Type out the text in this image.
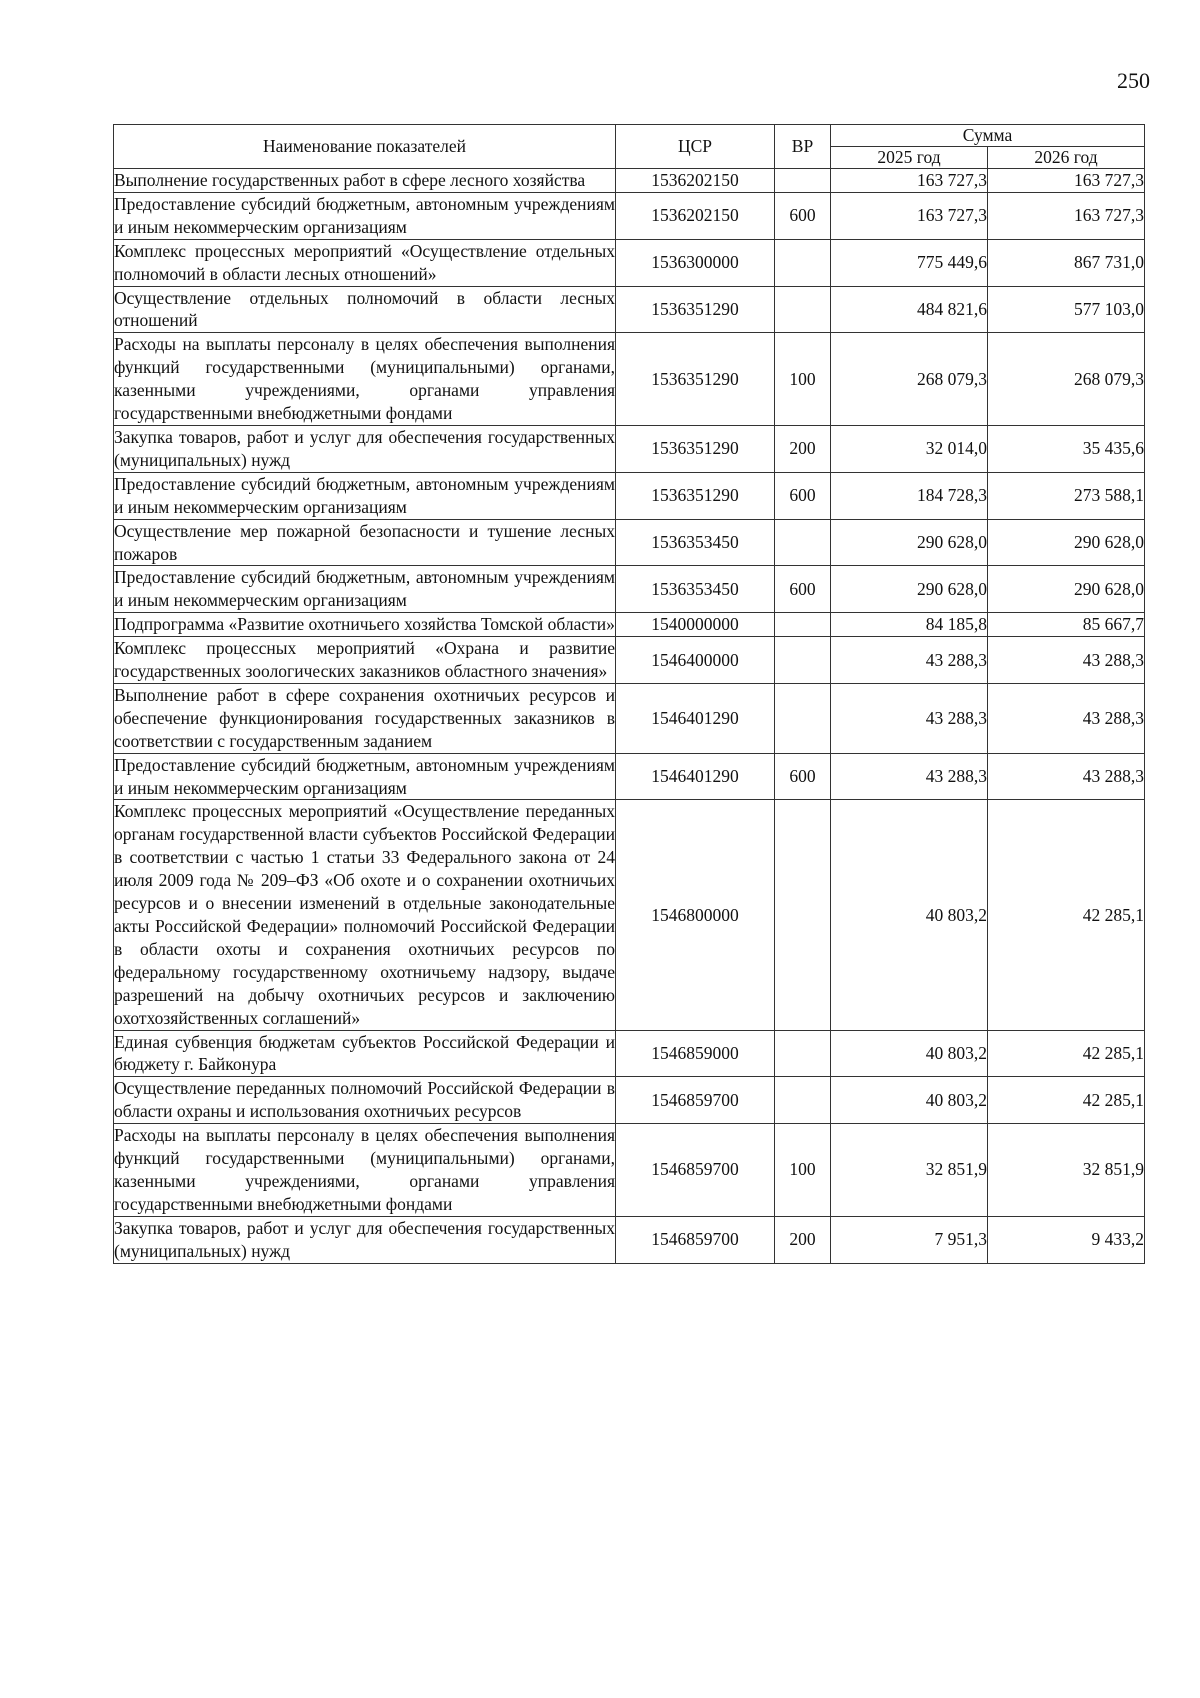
250
Наименование показателей	ЦСР	ВР	Сумма	
			2025 год	2026 год
Выполнение государственных работ в сфере лесного хозяйства	1536202150		163 727,3	163 727,3
Предоставление субсидий бюджетным, автономным учреждениям и иным некоммерческим организациям	1536202150	600	163 727,3	163 727,3
Комплекс процессных мероприятий «Осуществление отдельных полномочий в области лесных отношений»	1536300000		775 449,6	867 731,0
Осуществление отдельных полномочий в области лесных отношений	1536351290		484 821,6	577 103,0
Расходы на выплаты персоналу в целях обеспечения выполнения функций государственными (муниципальными) органами, казенными учреждениями, органами управления государственными внебюджетными фондами	1536351290	100	268 079,3	268 079,3
Закупка товаров, работ и услуг для обеспечения государственных (муниципальных) нужд	1536351290	200	32 014,0	35 435,6
Предоставление субсидий бюджетным, автономным учреждениям и иным некоммерческим организациям	1536351290	600	184 728,3	273 588,1
Осуществление мер пожарной безопасности и тушение лесных пожаров	1536353450		290 628,0	290 628,0
Предоставление субсидий бюджетным, автономным учреждениям и иным некоммерческим организациям	1536353450	600	290 628,0	290 628,0
Подпрограмма «Развитие охотничьего хозяйства Томской области»	1540000000		84 185,8	85 667,7
Комплекс процессных мероприятий «Охрана и развитие государственных зоологических заказников областного значения»	1546400000		43 288,3	43 288,3
Выполнение работ в сфере сохранения охотничьих ресурсов и обеспечение функционирования государственных заказников в соответствии с государственным заданием	1546401290		43 288,3	43 288,3
Предоставление субсидий бюджетным, автономным учреждениям и иным некоммерческим организациям	1546401290	600	43 288,3	43 288,3
Комплекс процессных мероприятий «Осуществление переданных органам государственной власти субъектов Российской Федерации в соответствии с частью 1 статьи 33 Федерального закона от 24 июля 2009 года № 209–ФЗ «Об охоте и о сохранении охотничьих ресурсов и о внесении изменений в отдельные законодательные акты Российской Федерации» полномочий Российской Федерации в области охоты и сохранения охотничьих ресурсов по федеральному государственному охотничьему надзору, выдаче разрешений на добычу охотничьих ресурсов и заключению охотхозяйственных соглашений»	1546800000		40 803,2	42 285,1
Единая субвенция бюджетам субъектов Российской Федерации и бюджету г. Байконура	1546859000		40 803,2	42 285,1
Осуществление переданных полномочий Российской Федерации в области охраны и использования охотничьих ресурсов	1546859700		40 803,2	42 285,1
Расходы на выплаты персоналу в целях обеспечения выполнения функций государственными (муниципальными) органами, казенными учреждениями, органами управления государственными внебюджетными фондами	1546859700	100	32 851,9	32 851,9
Закупка товаров, работ и услуг для обеспечения государственных (муниципальных) нужд	1546859700	200	7 951,3	9 433,2
